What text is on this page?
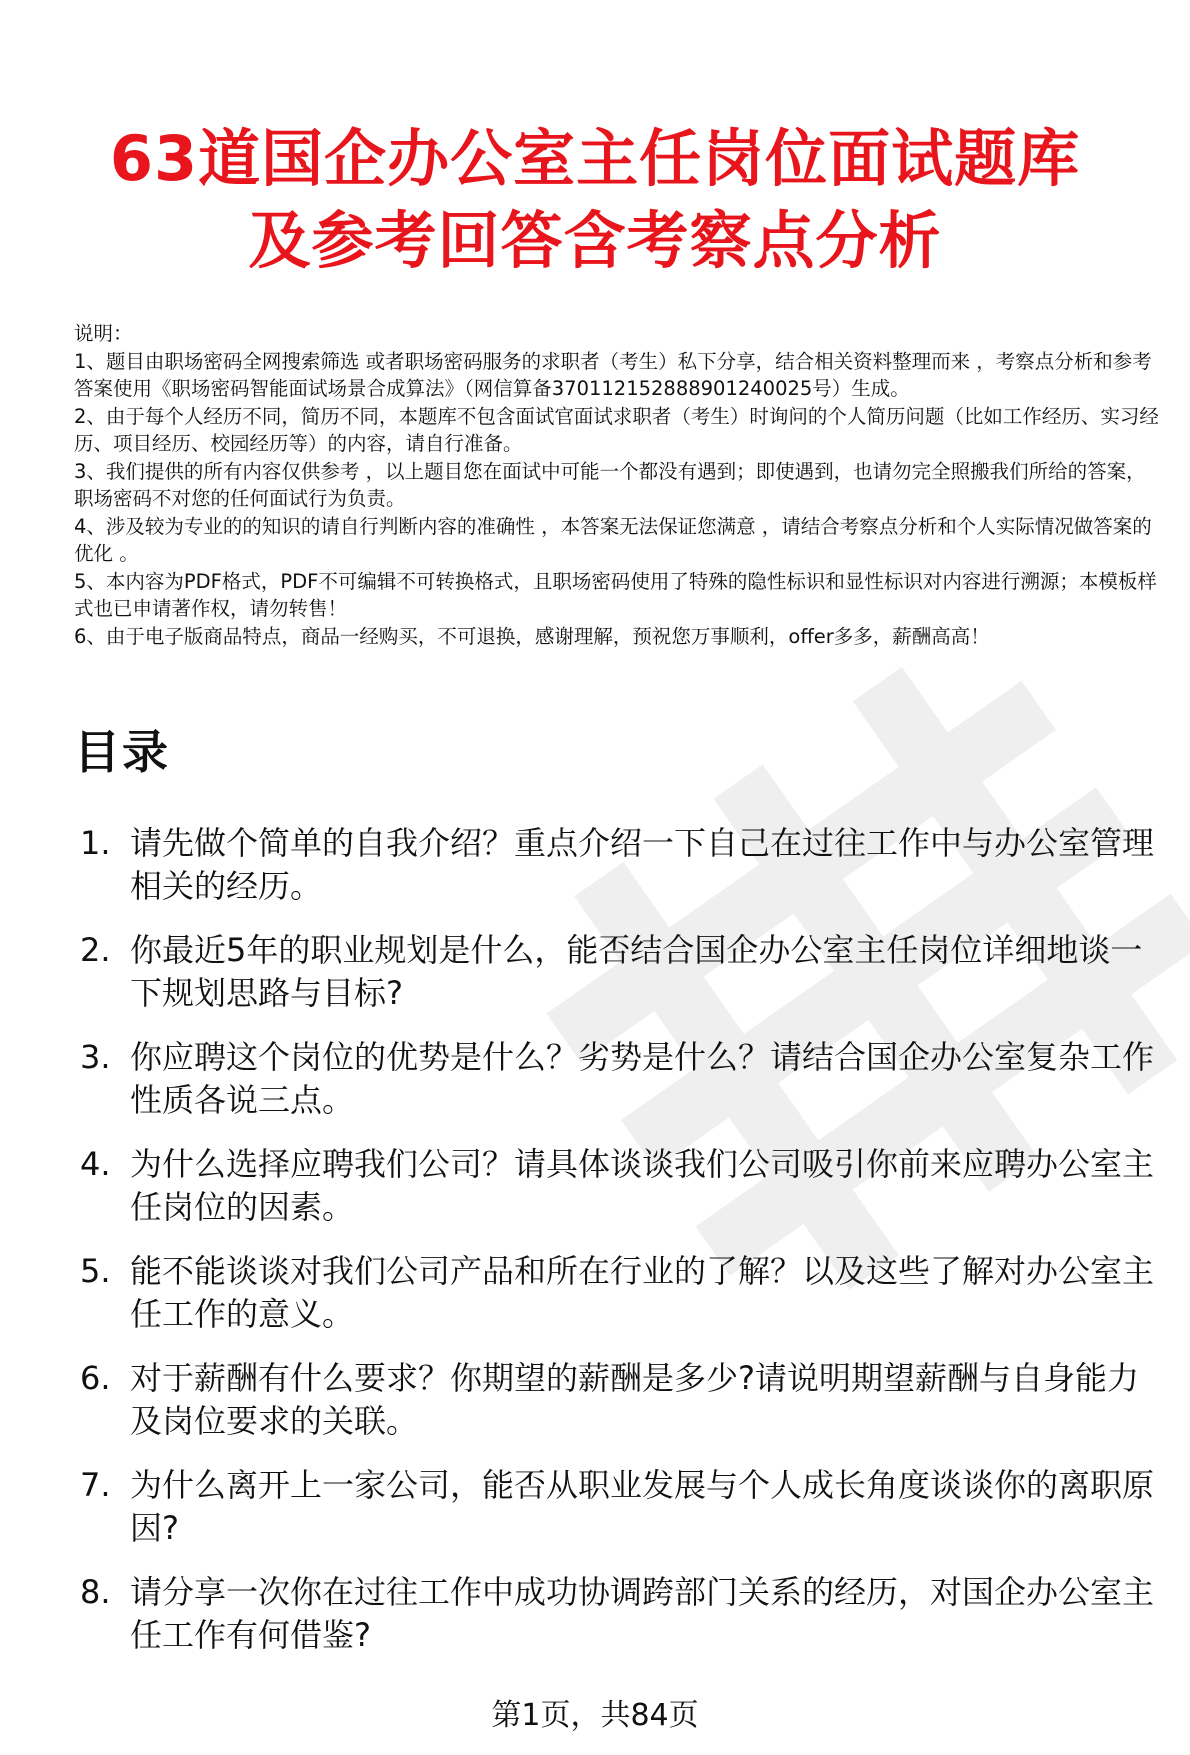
63道国企办公室主任岗位面试题库
及参考回答含考察点分析
说明：
1、题目由职场密码全网搜索筛选 或者职场密码服务的求职者（考生）私下分享，结合相关资料整理而来 ，考察点分析和参考答案使用《职场密码智能面试场景合成算法》（网信算备370112152888901240025号）生成。
2、由于每个人经历不同，简历不同，本题库不包含面试官面试求职者（考生）时询问的个人简历问题（比如工作经历、实习经历、项目经历、校园经历等）的内容，请自行准备。
3、我们提供的所有内容仅供参考 ，以上题目您在面试中可能一个都没有遇到；即使遇到，也请勿完全照搬我们所给的答案，职场密码不对您的任何面试行为负责。
4、涉及较为专业的的知识的请自行判断内容的准确性 ，本答案无法保证您满意 ，请结合考察点分析和个人实际情况做答案的优化 。
5、本内容为PDF格式，PDF不可编辑不可转换格式，且职场密码使用了特殊的隐性标识和显性标识对内容进行溯源；本模板样式也已申请著作权，请勿转售！
6、由于电子版商品特点，商品一经购买，不可退换，感谢理解，预祝您万事顺利，offer多多，薪酬高高！
目录
1. 请先做个简单的自我介绍？重点介绍一下自己在过往工作中与办公室管理相关的经历。
2. 你最近5年的职业规划是什么，能否结合国企办公室主任岗位详细地谈一下规划思路与目标?
3. 你应聘这个岗位的优势是什么？劣势是什么？请结合国企办公室复杂工作性质各说三点。
4. 为什么选择应聘我们公司？请具体谈谈我们公司吸引你前来应聘办公室主任岗位的因素。
5. 能不能谈谈对我们公司产品和所在行业的了解？以及这些了解对办公室主任工作的意义。
6. 对于薪酬有什么要求？你期望的薪酬是多少?请说明期望薪酬与自身能力及岗位要求的关联。
7. 为什么离开上一家公司，能否从职业发展与个人成长角度谈谈你的离职原因?
8. 请分享一次你在过往工作中成功协调跨部门关系的经历，对国企办公室主任工作有何借鉴?
第1页，共84页
